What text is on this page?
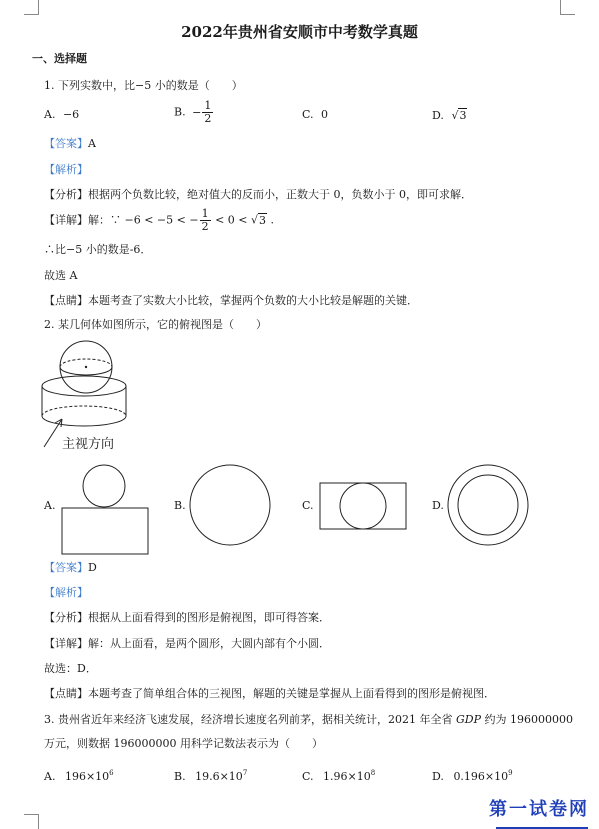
2022年贵州省安顺市中考数学真题
一、选择题
1. 下列实数中，比−5 小的数是（　　）
A. −6	B. − $\frac{1}{2}$	C. 0	D. √3
【答案】A
【解析】
【分析】根据两个负数比较，绝对值大的反而小，正数大于 0，负数小于 0，即可求解．
【详解】解：∵ −6 < −5 < − $\frac{1}{2} < 0 < √3$ .
∴比−5 小的数是-6．
故选 A
【点睛】本题考查了实数大小比较，掌握两个负数的大小比较是解题的关键．
2. 某几何体如图所示，它的俯视图是（　　）
主视方向
A.	B.	C.	D.
【答案】D
【解析】
【分析】根据从上面看得到的图形是俯视图，即可得答案．
【详解】解：从上面看，是两个圆形，大圆内部有个小圆．
故选：D．
【点睛】本题考查了简单组合体的三视图，解题的关键是掌握从上面看得到的图形是俯视图．
3. 贵州省近年来经济飞速发展，经济增长速度名列前茅，据相关统计，2021 年全省 GDP 约为 196000000
万元，则数据 196000000 用科学记数法表示为（　　）
A. $196\times 10^6$	B. $19.6\times 10^7$	C. $1.96\times 10^8$	D. $0.196\times 10^9$
第一试卷网
